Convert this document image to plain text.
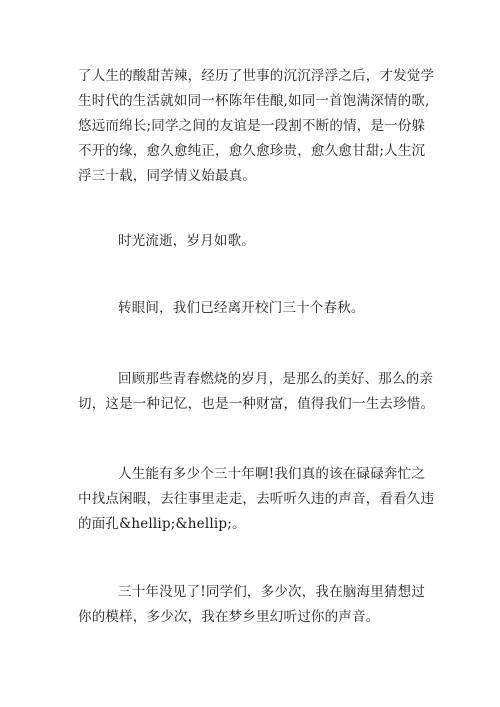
了人生的酸甜苦辣，经历了世事的沉沉浮浮之后，才发觉学
生时代的生活就如同一杯陈年佳酿,如同一首饱满深情的歌,
悠远而绵长;同学之间的友谊是一段割不断的情，是一份躲
不开的缘，愈久愈纯正，愈久愈珍贵，愈久愈甘甜;人生沉
浮三十载，同学情义始最真。

时光流逝，岁月如歌。

转眼间，我们已经离开校门三十个春秋。

回顾那些青春燃烧的岁月，是那么的美好、那么的亲
切，这是一种记忆，也是一种财富，值得我们一生去珍惜。

人生能有多少个三十年啊!我们真的该在碌碌奔忙之
中找点闲暇，去往事里走走，去听听久违的声音，看看久违
的面孔&hellip;&hellip;。

三十年没见了!同学们，多少次，我在脑海里猜想过
你的模样，多少次，我在梦乡里幻听过你的声音。
